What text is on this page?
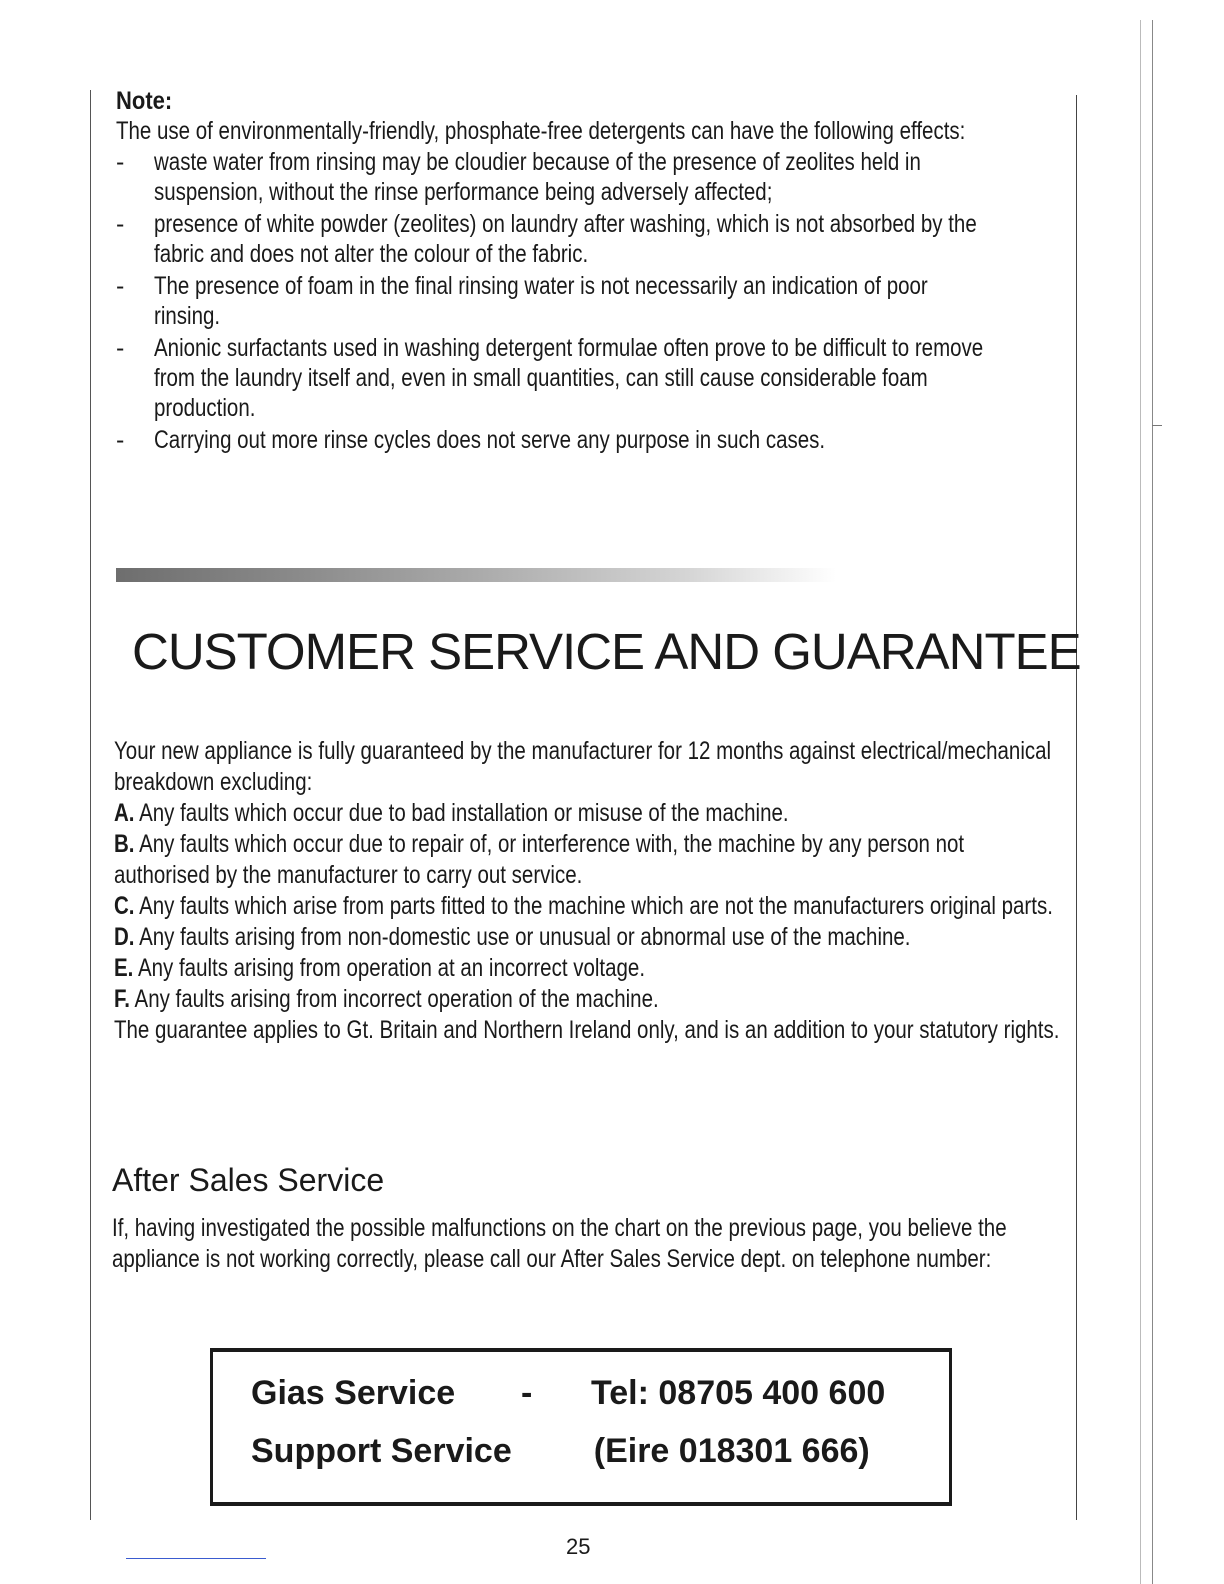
Note:

The use of environmentally-friendly, phosphate-free detergents can have the following effects:

- waste water from rinsing may be cloudier because of the presence of zeolites held in suspension, without the rinse performance being adversely affected;
- presence of white powder (zeolites) on laundry after washing, which is not absorbed by the fabric and does not alter the colour of the fabric.
- The presence of foam in the final rinsing water is not necessarily an indication of poor rinsing.
- Anionic surfactants used in washing detergent formulae often prove to be difficult to remove from the laundry itself and, even in small quantities, can still cause considerable foam production.
- Carrying out more rinse cycles does not serve any purpose in such cases.
CUSTOMER SERVICE AND GUARANTEE

Your new appliance is fully guaranteed by the manufacturer for 12 months against electrical/mechanical breakdown excluding:

A. Any faults which occur due to bad installation or misuse of the machine.

B. Any faults which occur due to repair of, or interference with, the machine by any person not authorised by the manufacturer to carry out service.

C. Any faults which arise from parts fitted to the machine which are not the manufacturers original parts.

D. Any faults arising from non-domestic use or unusual or abnormal use of the machine.

E. Any faults arising from operation at an incorrect voltage.

F. Any faults arising from incorrect operation of the machine.

The guarantee applies to Gt. Britain and Northern Ireland only, and is an addition to your statutory rights.

After Sales Service

If, having investigated the possible malfunctions on the chart on the previous page, you believe the appliance is not working correctly, please call our After Sales Service dept. on telephone number:

Gias Service - Tel: 08705 400 600
Support Service (Eire 018301 666)
25
